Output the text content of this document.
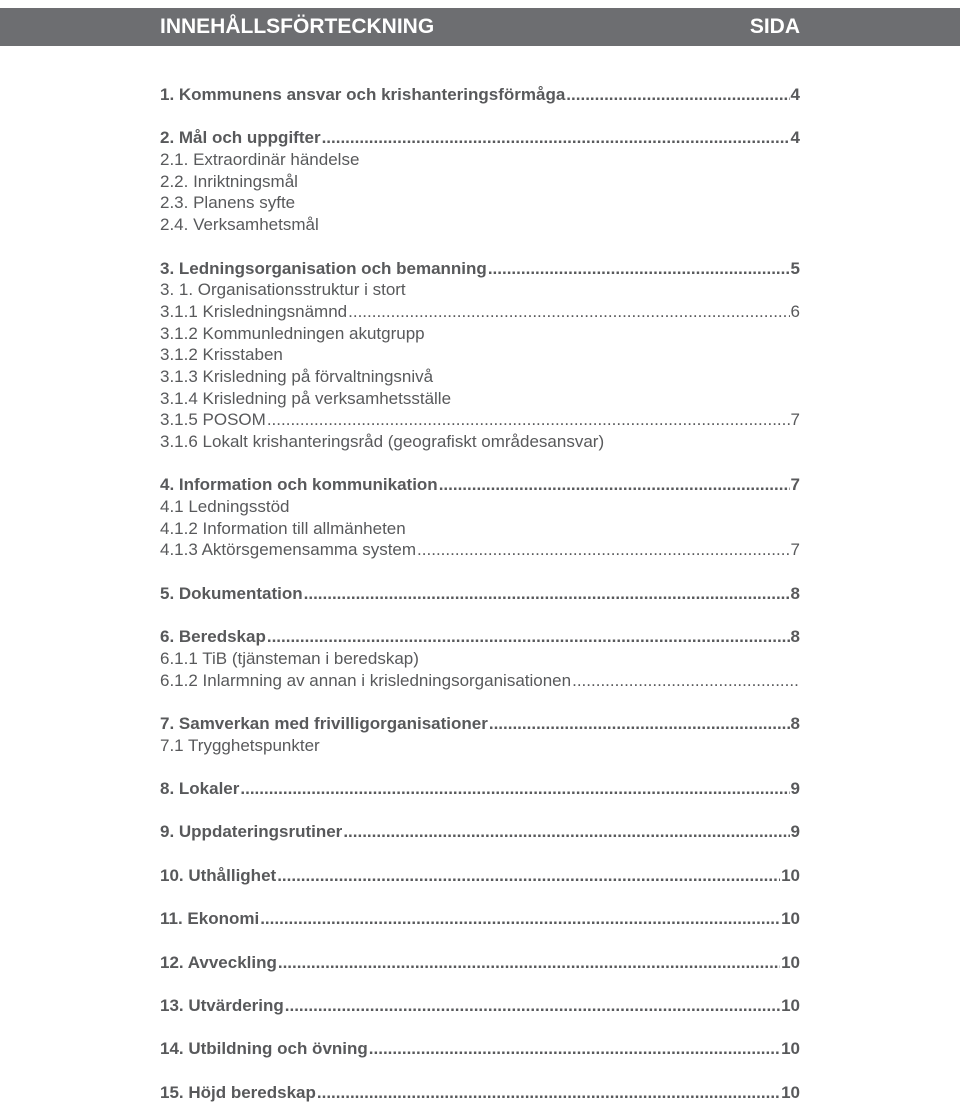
INNEHÅLLSFÖRTECKNING	SIDA
1. Kommunens ansvar och krishanteringsförmåga .....	4
2. Mål och uppgifter .....	4
2.1. Extraordinär händelse
2.2. Inriktningsmål
2.3. Planens syfte
2.4. Verksamhetsmål
3. Ledningsorganisation och bemanning .....	5
3. 1. Organisationsstruktur i stort
3.1.1 Krisledningsnämnd .....	6
3.1.2 Kommunledningen akutgrupp
3.1.2 Krisstaben
3.1.3 Krisledning på förvaltningsnivå
3.1.4 Krisledning på verksamhetsställe
3.1.5 POSOM .....	7
3.1.6 Lokalt krishanteringsråd (geografiskt områdesansvar)
4. Information och kommunikation .....	7
4.1 Ledningsstöd
4.1.2 Information till allmänheten
4.1.3 Aktörsgemensamma system .....	7
5. Dokumentation .....	8
6. Beredskap .....	8
6.1.1 TiB (tjänsteman i beredskap)
6.1.2 Inlarmning av annan i krisledningsorganisationen
.....
7. Samverkan med frivilligorganisationer .....	8
7.1 Trygghetspunkter
8. Lokaler .....	9
9. Uppdateringsrutiner .....	9
10. Uthållighet .....	10
11. Ekonomi .....	10
12. Avveckling .....	10
13. Utvärdering .....	10
14. Utbildning och övning .....	10
15. Höjd beredskap .....	10
